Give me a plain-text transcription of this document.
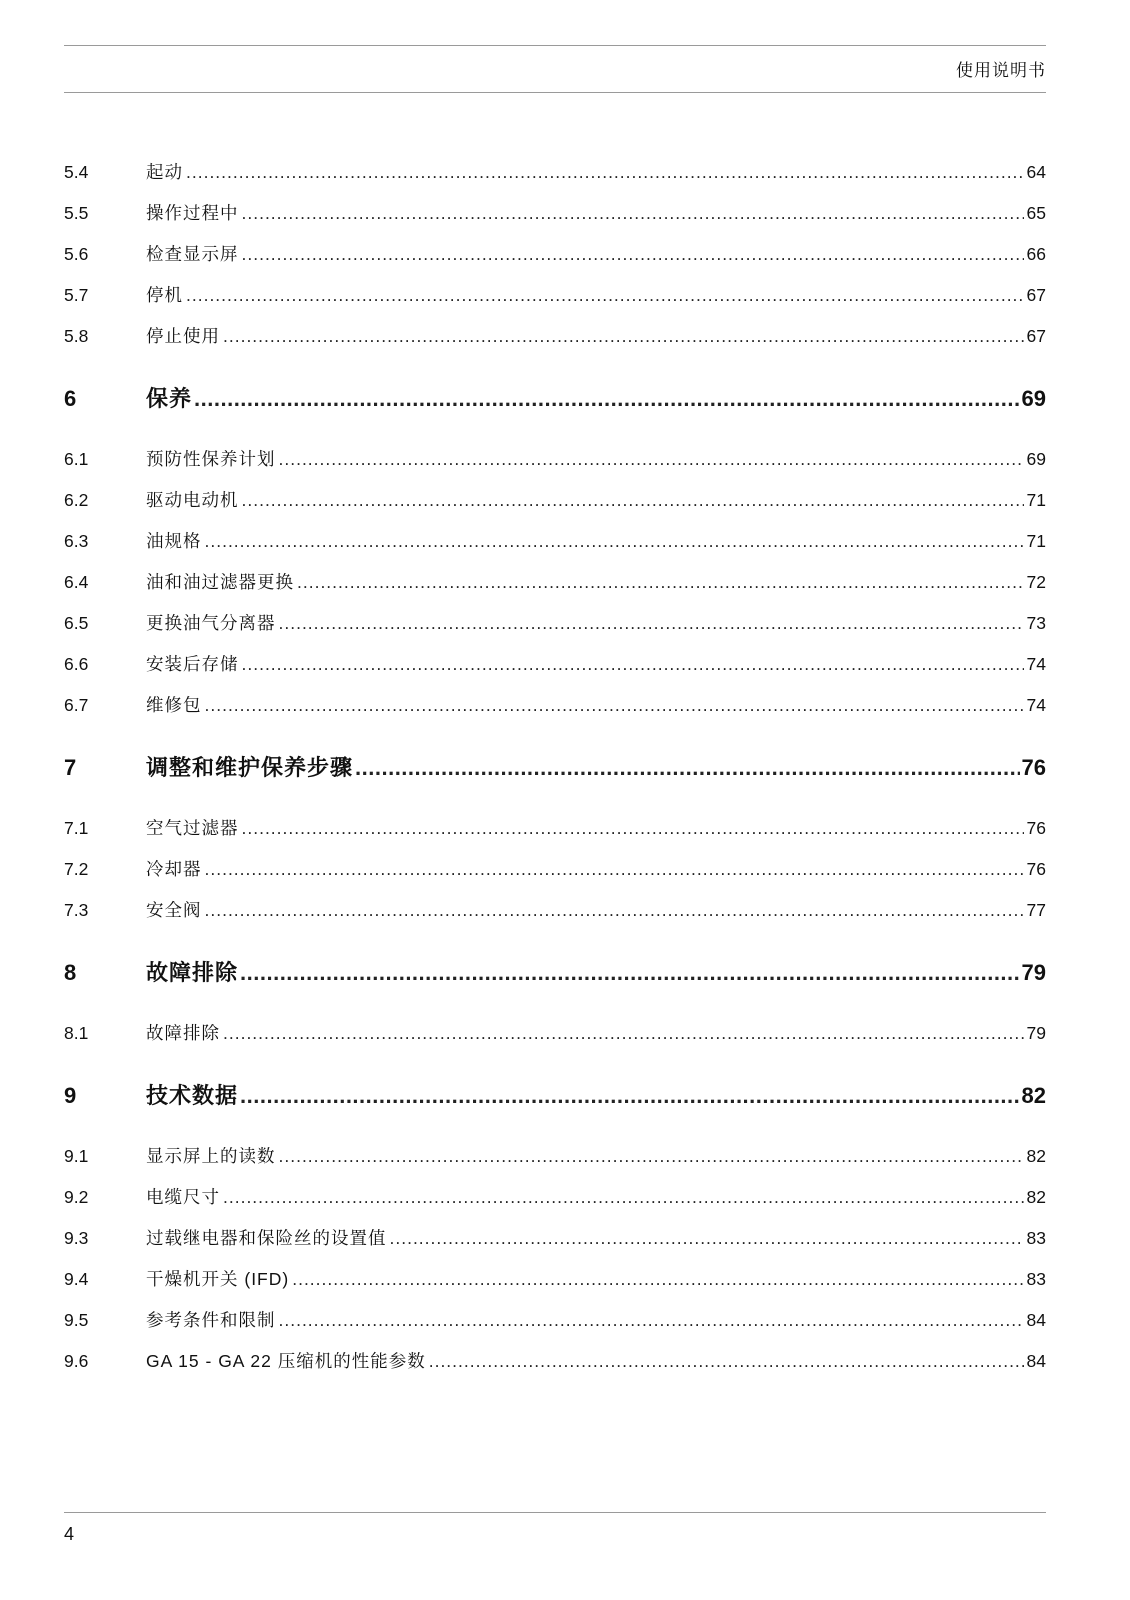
使用说明书
5.4	起动 .....	64
5.5	操作过程中 .....	65
5.6	检查显示屏 .....	66
5.7	停机 .....	67
5.8	停止使用 .....	67
6	保养 .....	69
6.1	预防性保养计划 .....	69
6.2	驱动电动机 .....	71
6.3	油规格 .....	71
6.4	油和油过滤器更换 .....	72
6.5	更换油气分离器 .....	73
6.6	安装后存储 .....	74
6.7	维修包 .....	74
7	调整和维护保养步骤 .....	76
7.1	空气过滤器 .....	76
7.2	冷却器 .....	76
7.3	安全阀 .....	77
8	故障排除 .....	79
8.1	故障排除 .....	79
9	技术数据 .....	82
9.1	显示屏上的读数 .....	82
9.2	电缆尺寸 .....	82
9.3	过载继电器和保险丝的设置值 .....	83
9.4	干燥机开关 (IFD) .....	83
9.5	参考条件和限制 .....	84
9.6	GA 15 - GA 22 压缩机的性能参数 .....	84
4
